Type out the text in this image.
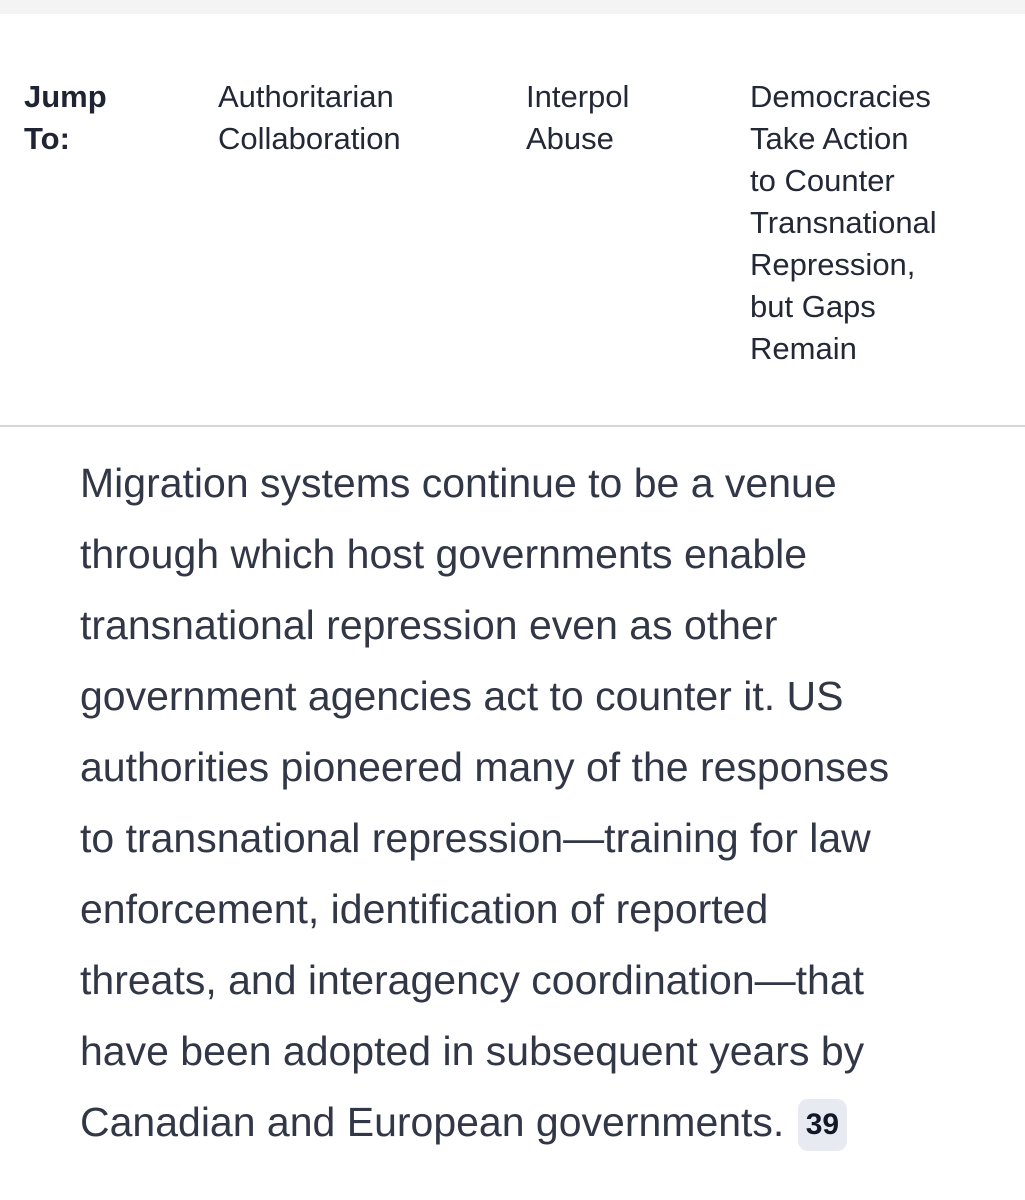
Jump
To:
Authoritarian
Collaboration
Interpol
Abuse
Democracies
Take Action
to Counter
Transnational
Repression,
but Gaps
Remain

Migration systems continue to be a venue
through which host governments enable
transnational repression even as other
government agencies act to counter it. US
authorities pioneered many of the responses
to transnational repression—training for law
enforcement, identification of reported
threats, and interagency coordination—that
have been adopted in subsequent years by
Canadian and European governments. 39
